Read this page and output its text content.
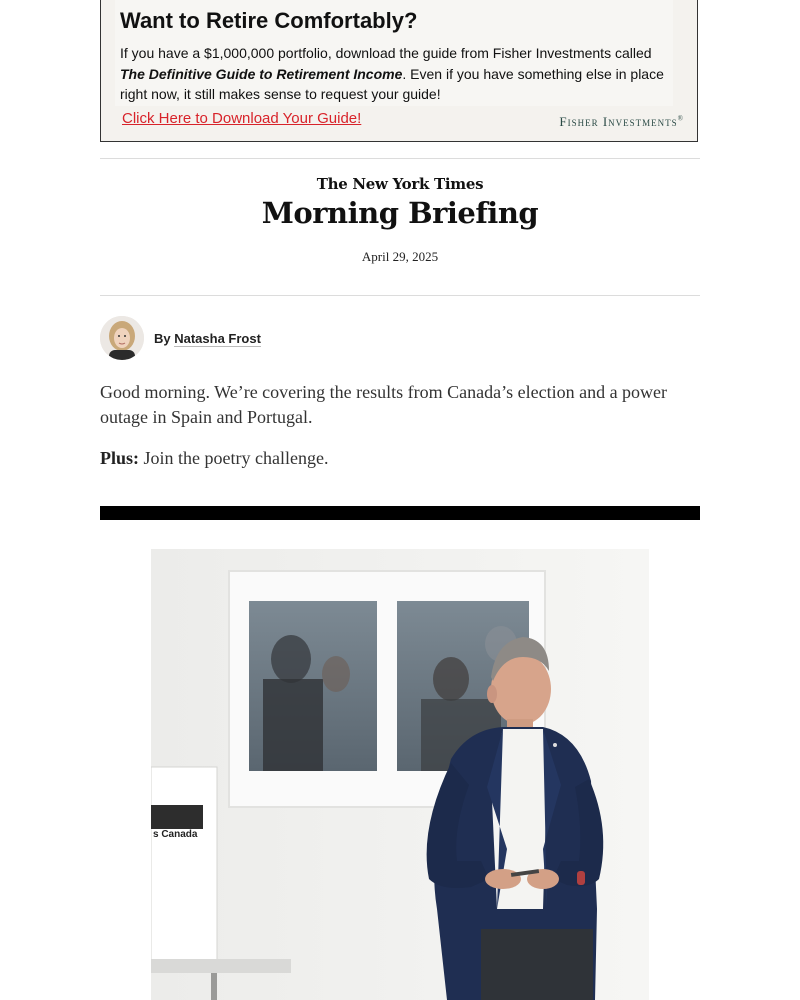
Want to Retire Comfortably?
If you have a $1,000,000 portfolio, download the guide from Fisher Investments called The Definitive Guide to Retirement Income. Even if you have something else in place right now, it still makes sense to request your guide!
Click Here to Download Your Guide!	Fisher Investments®
The New York Times
Morning Briefing
April 29, 2025
By Natasha Frost
Good morning. We’re covering the results from Canada’s election and a power outage in Spain and Portugal.
Plus: Join the poetry challenge.
s Canada
